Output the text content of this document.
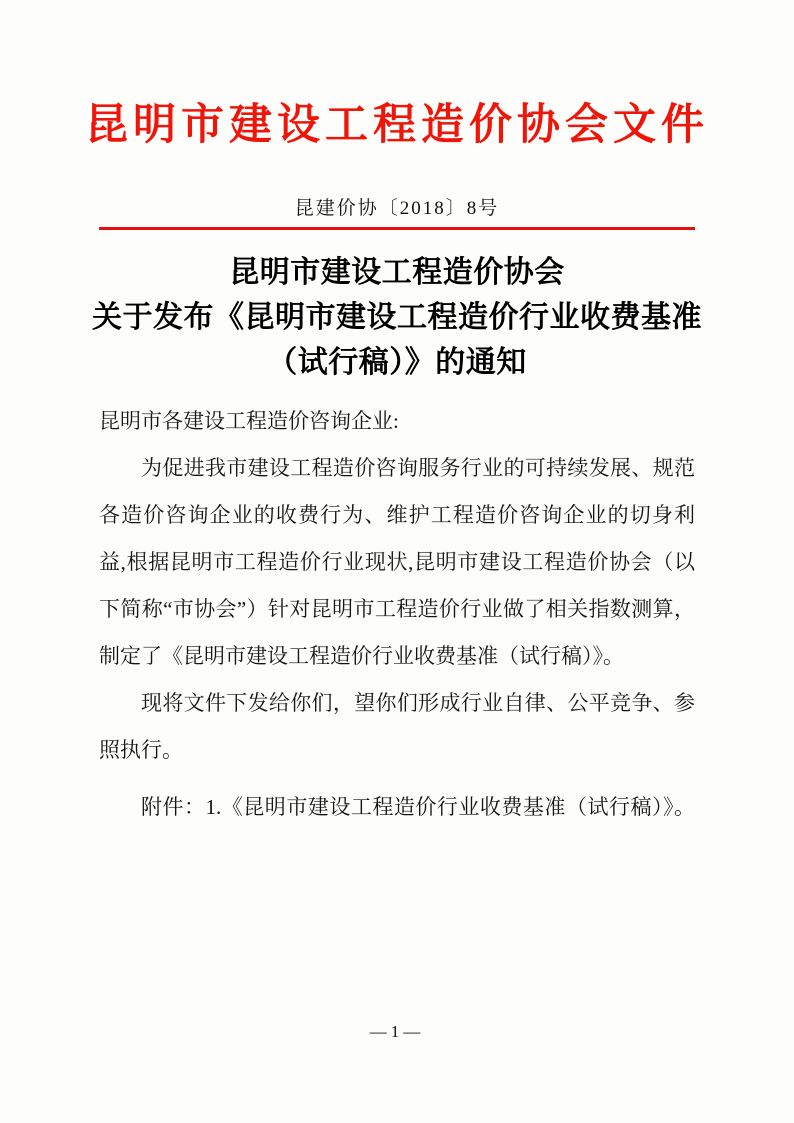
昆明市建设工程造价协会文件
昆建价协〔2018〕8号
昆明市建设工程造价协会
关于发布《昆明市建设工程造价行业收费基准
（试行稿）》的通知
昆明市各建设工程造价咨询企业:
为促进我市建设工程造价咨询服务行业的可持续发展、规范
各造价咨询企业的收费行为、维护工程造价咨询企业的切身利
益,根据昆明市工程造价行业现状,昆明市建设工程造价协会（以
下简称“市协会”）针对昆明市工程造价行业做了相关指数测算，
制定了《昆明市建设工程造价行业收费基准（试行稿）》。
现将文件下发给你们，望你们形成行业自律、公平竞争、参
照执行。
附件：1.《昆明市建设工程造价行业收费基准（试行稿）》。
—1—
